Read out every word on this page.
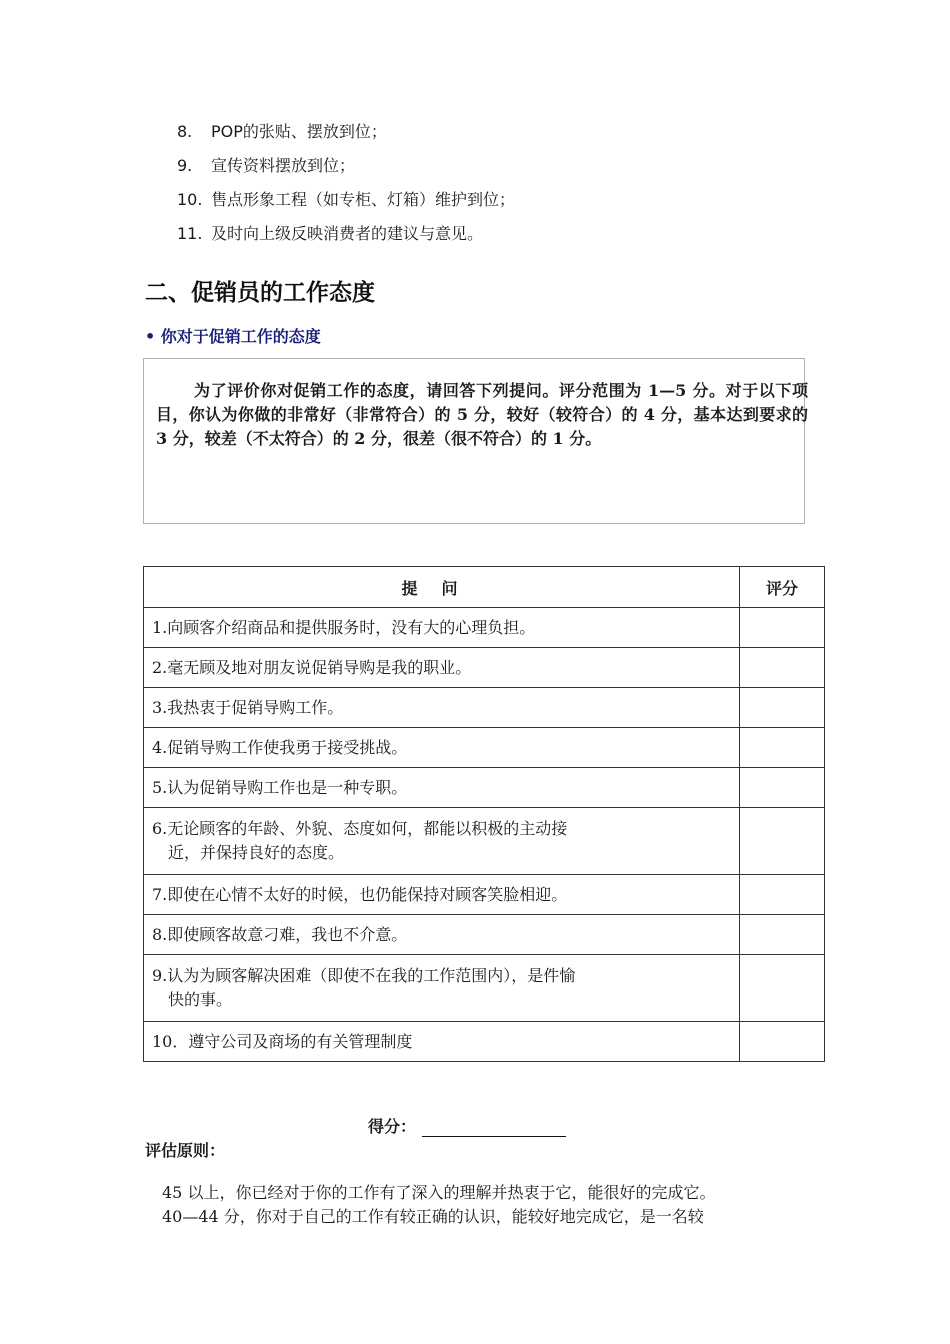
8.	POP的张贴、摆放到位；
9.	宣传资料摆放到位；
10. 售点形象工程（如专柜、灯箱）维护到位；
11. 及时向上级反映消费者的建议与意见。
二、促销员的工作态度
• 你对于促销工作的态度

为了评价你对促销工作的态度，请回答下列提问。评分范围为 1—5 分。对于以下项目，你认为你做的非常好（非常符合）的 5 分，较好（较符合）的 4 分，基本达到要求的 3 分，较差（不太符合）的 2 分，很差（很不符合）的 1 分。

提问	评分
1.向顾客介绍商品和提供服务时，没有大的心理负担。	
2.毫无顾及地对朋友说促销导购是我的职业。	
3.我热衷于促销导购工作。	
4.促销导购工作使我勇于接受挑战。	
5.认为促销导购工作也是一种专职。	
6.无论顾客的年龄、外貌、态度如何，都能以积极的主动接
近，并保持良好的态度。	

7.即使在心情不太好的时候，也仍能保持对顾客笑脸相迎。	
8.即使顾客故意刁难，我也不介意。	
9.认为为顾客解决困难（即使不在我的工作范围内），是件愉
快的事。	

10．遵守公司及商场的有关管理制度	
得分：
评估原则：

45 以上，你已经对于你的工作有了深入的理解并热衷于它，能很好的完成它。
40—44 分，你对于自己的工作有较正确的认识，能较好地完成它，是一名较
